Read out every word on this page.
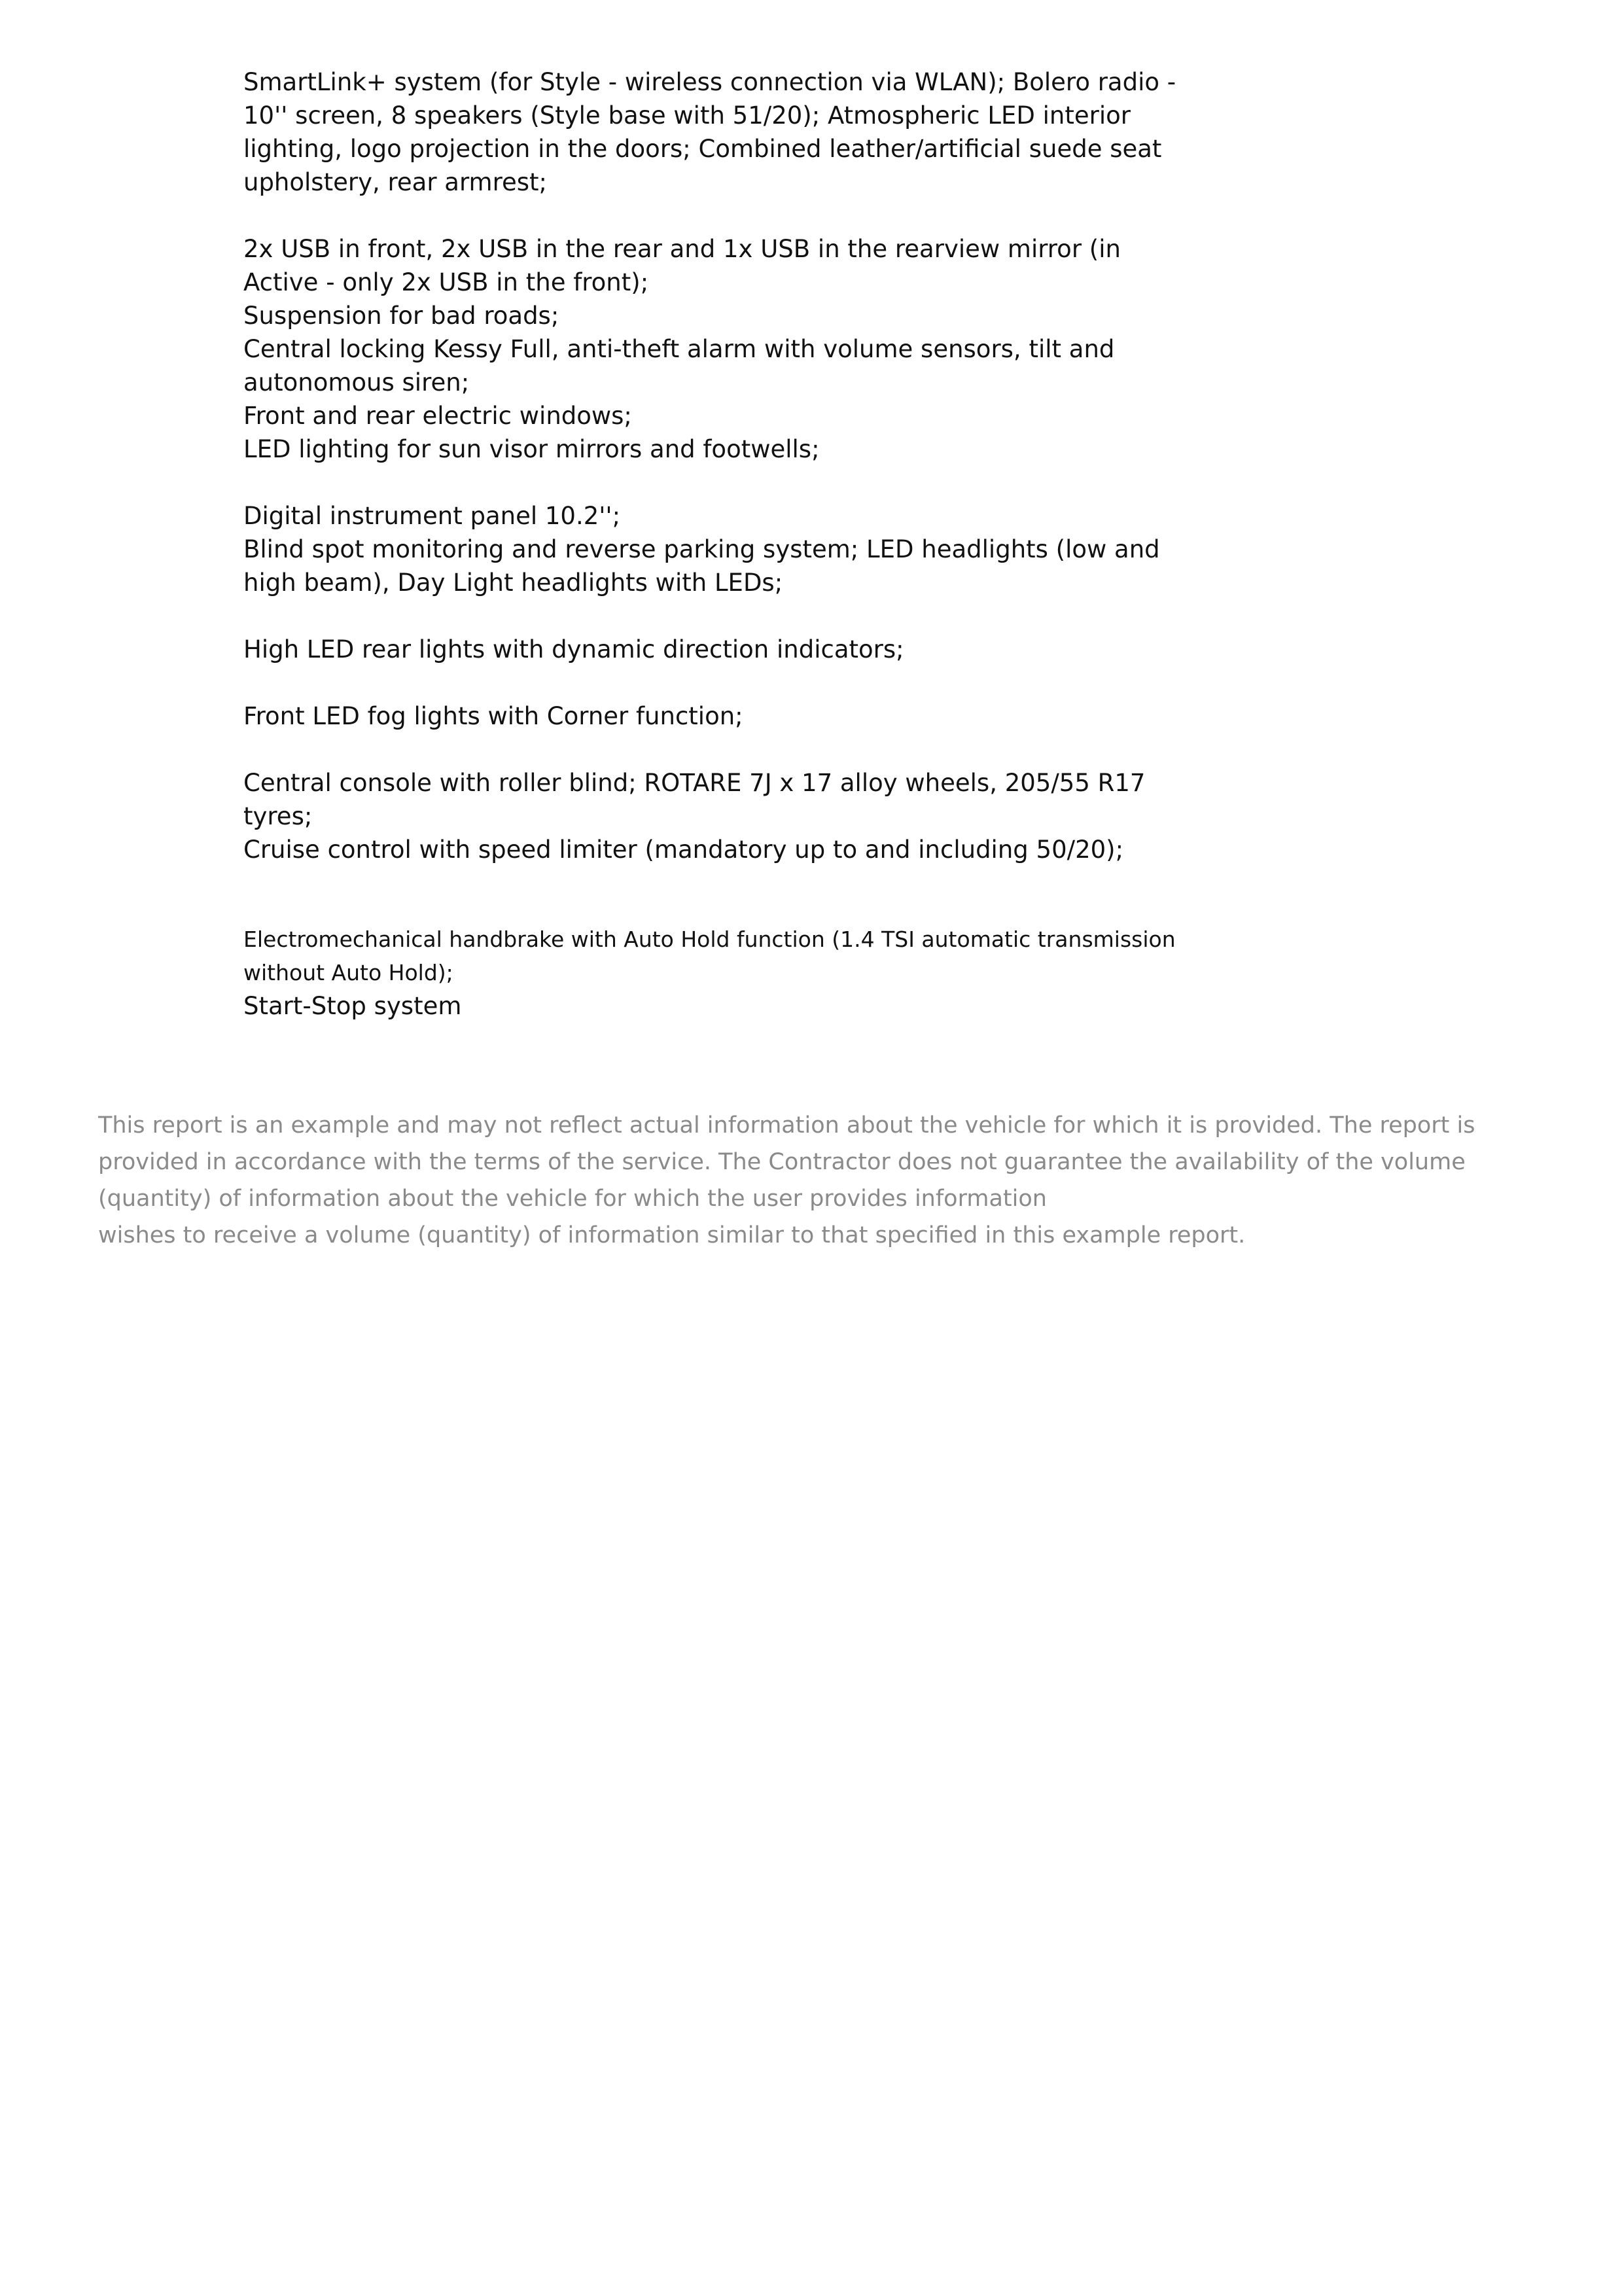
SmartLink+ system (for Style - wireless connection via WLAN); Bolero radio - 10'' screen, 8 speakers (Style base with 51/20); Atmospheric LED interior lighting, logo projection in the doors; Combined leather/artificial suede seat upholstery, rear armrest;

2x USB in front, 2x USB in the rear and 1x USB in the rearview mirror (in Active - only 2x USB in the front);

Suspension for bad roads;

Central locking Kessy Full, anti-theft alarm with volume sensors, tilt and autonomous siren;

Front and rear electric windows;

LED lighting for sun visor mirrors and footwells;

Digital instrument panel 10.2'';

Blind spot monitoring and reverse parking system; LED headlights (low and high beam), Day Light headlights with LEDs;

High LED rear lights with dynamic direction indicators;

Front LED fog lights with Corner function;

Central console with roller blind; ROTARE 7J x 17 alloy wheels, 205/55 R17 tyres;

Cruise control with speed limiter (mandatory up to and including 50/20);

Electromechanical handbrake with Auto Hold function (1.4 TSI automatic transmission without Auto Hold);

Start-Stop system

This report is an example and may not reflect actual information about the vehicle for which it is provided. The report is provided in accordance with the terms of the service. The Contractor does not guarantee the availability of the volume (quantity) of information about the vehicle for which the user provides information

wishes to receive a volume (quantity) of information similar to that specified in this example report.
